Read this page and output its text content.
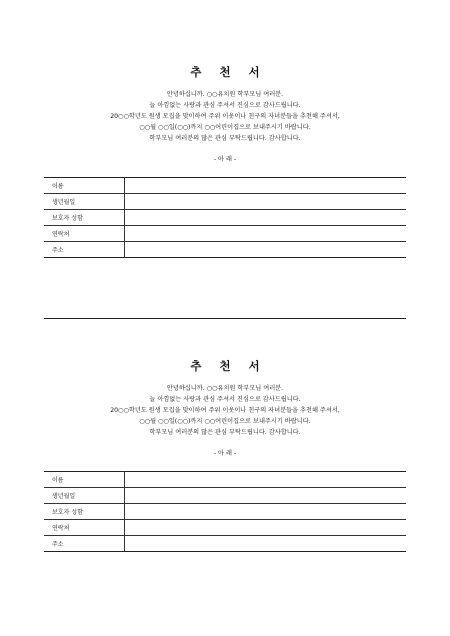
추 천 서
안녕하십니까. ○○유치원 학부모님 여러분.
늘 아낌없는 사랑과 관심 주셔서 진심으로 감사드립니다.
20○○학년도 원생 모집을 맞이하여 주위 이웃이나 친구의 자녀분들을 추천해 주셔서,
○○월 ○○일(○○)까지 ○○어린이집으로 보내주시기 바랍니다.
학부모님 여러분의 많은 관심 부탁드립니다. 감사합니다.
- 아 래 -
이름	
생년월일	
보호자 성함	
연락처	
주소	
추 천 서
안녕하십니까. ○○유치원 학부모님 여러분.
늘 아낌없는 사랑과 관심 주셔서 진심으로 감사드립니다.
20○○학년도 원생 모집을 맞이하여 주위 이웃이나 친구의 자녀분들을 추천해 주셔서,
○○월 ○○일(○○)까지 ○○어린이집으로 보내주시기 바랍니다.
학부모님 여러분의 많은 관심 부탁드립니다. 감사합니다.
- 아 래 -
이름	
생년월일	
보호자 성함	
연락처	
주소	
